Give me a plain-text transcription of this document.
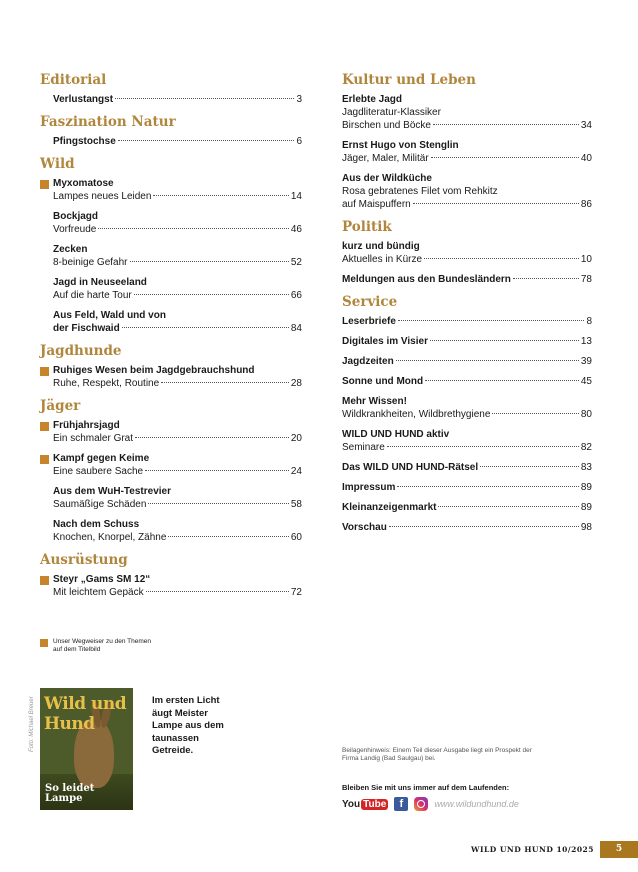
Editorial
Verlustangst	3
Faszination Natur
Pfingstochse	6
Wild
Myxomatose
Lampes neues Leiden	14
Bockjagd
Vorfreude	46
Zecken
8-beinige Gefahr	52
Jagd in Neuseeland
Auf die harte Tour	66
Aus Feld, Wald und von
der Fischwaid	84
Jagdhunde
Ruhiges Wesen beim Jagdgebrauchshund
Ruhe, Respekt, Routine	28
Jäger
Frühjahrsjagd
Ein schmaler Grat	20
Kampf gegen Keime
Eine saubere Sache	24
Aus dem WuH-Testrevier
Saumäßige Schäden	58
Nach dem Schuss
Knochen, Knorpel, Zähne	60
Ausrüstung
Steyr „Gams SM 12“
Mit leichtem Gepäck	72
Kultur und Leben
Erlebte Jagd
Jagdliteratur-Klassiker
Birschen und Böcke	34
Ernst Hugo von Stenglin
Jäger, Maler, Militär	40
Aus der Wildküche
Rosa gebratenes Filet vom Rehkitz
auf Maispuffern	86
Politik
kurz und bündig
Aktuelles in Kürze	10
Meldungen aus den Bundesländern	78
Service
Leserbriefe	8
Digitales im Visier	13
Jagdzeiten	39
Sonne und Mond	45
Mehr Wissen!
Wildkrankheiten, Wildbrethygiene	80
WILD UND HUND aktiv
Seminare	82
Das WILD UND HUND-Rätsel	83
Impressum	89
Kleinanzeigenmarkt	89
Vorschau	98
Unser Wegweiser zu den Themen auf dem Titelbild
Foto: Michael Breuer Wild und Hund
So leidet
Lampe
Im ersten Licht äugt Meister Lampe aus dem taunassen Getreide.	Beilagenhinweis: Einem Teil dieser Ausgabe liegt ein Prospekt der Firma Landig (Bad Saulgau) bei.
Bleiben Sie mit uns immer auf dem Laufenden:
You Tube	f	www.wildundhund.de
WILD UND HUND 10/2025	5
